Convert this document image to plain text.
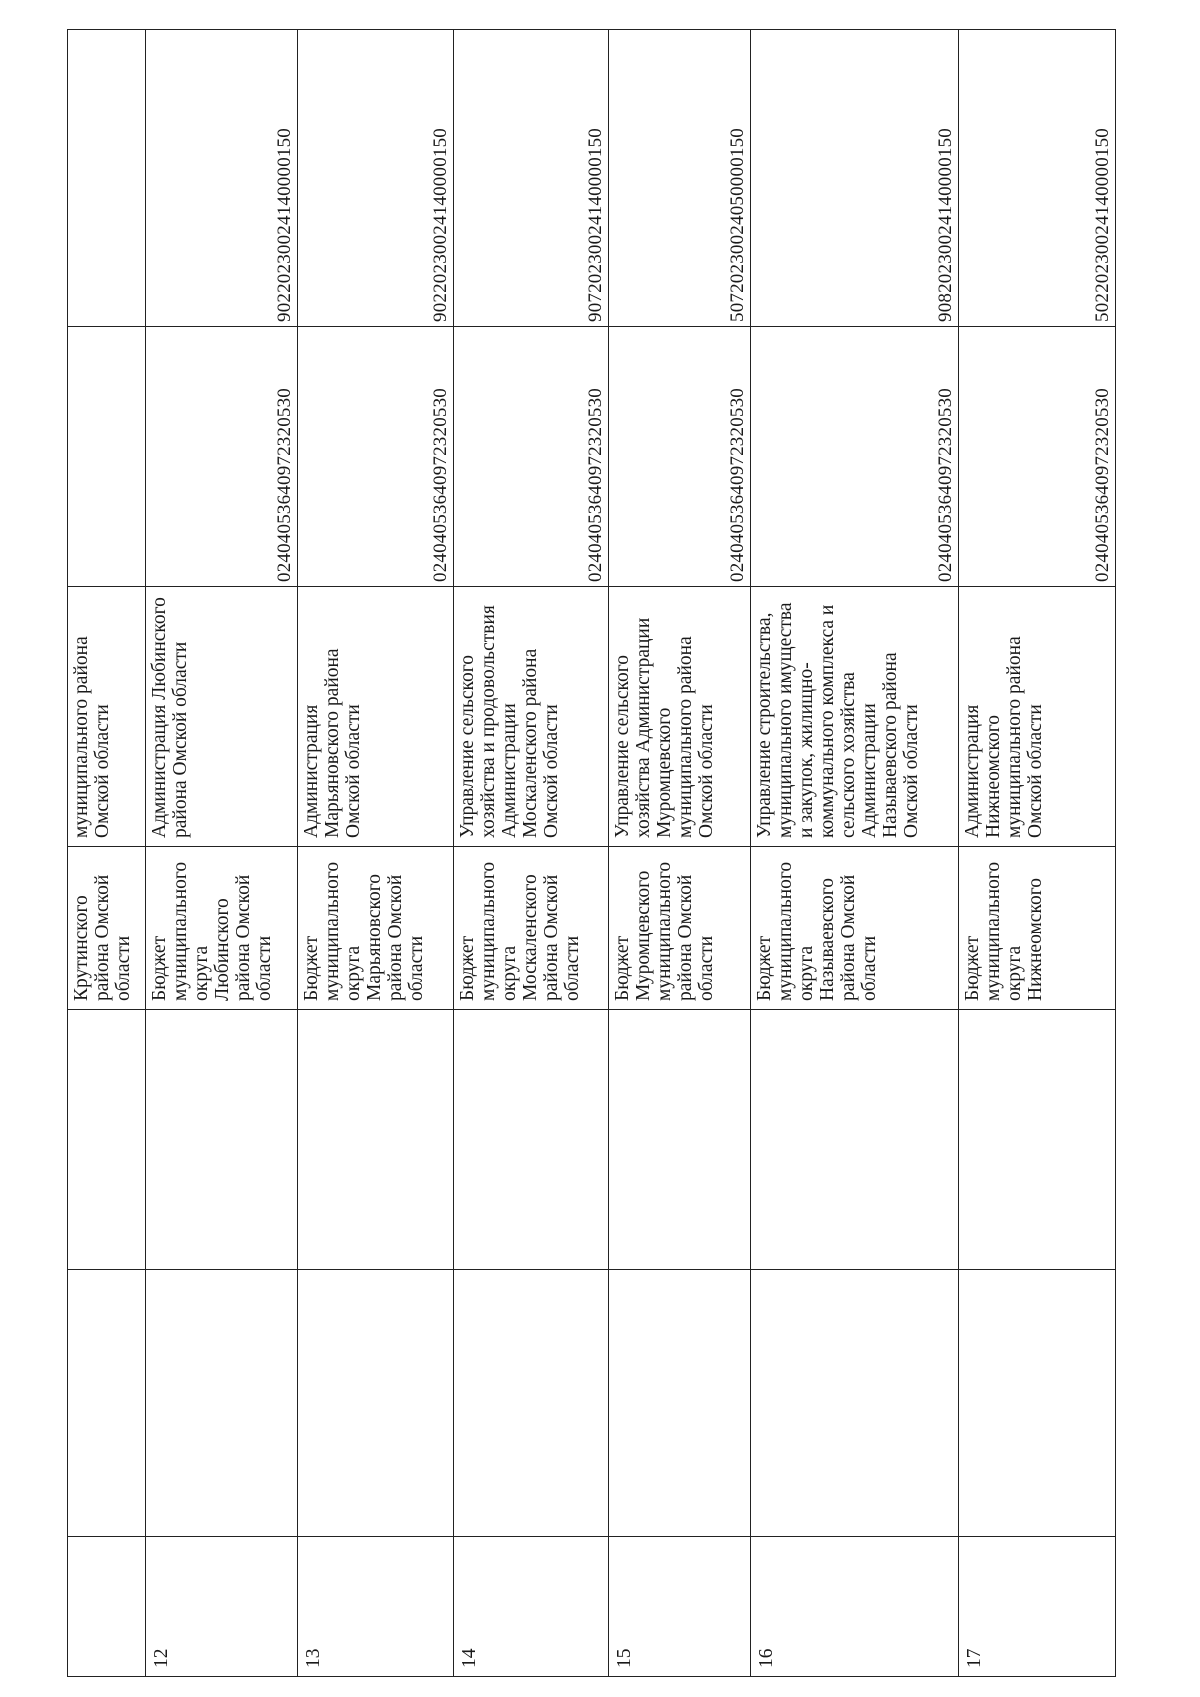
			Крутинского района Омской области	муниципального района Омской области		

12			Бюджет муниципального округа Любинского района Омской области	Администрация Любинского района Омской области	02404053640972320530	90220230024140000150

13			Бюджет муниципального округа Марьяновского района Омской области	Администрация Марьяновского района Омской области	02404053640972320530	90220230024140000150

14			Бюджет муниципального округа Москаленского района Омской области	Управление сельского хозяйства и продовольствия Администрации Москаленского района Омской области	02404053640972320530	90720230024140000150

15			Бюджет Муромцевского муниципального района Омской области	Управление сельского хозяйства Администрации Муромцевского муниципального района Омской области	02404053640972320530	50720230024050000150

16			Бюджет муниципального округа Называевского района Омской области	Управление строительства, муниципального имущества и закупок, жилищно-коммунального комплекса и сельского хозяйства Администрации Называевского района Омской области	02404053640972320530	90820230024140000150

17			Бюджет муниципального округа Нижнеомского	Администрация Нижнеомского муниципального района Омской области	02404053640972320530	50220230024140000150
